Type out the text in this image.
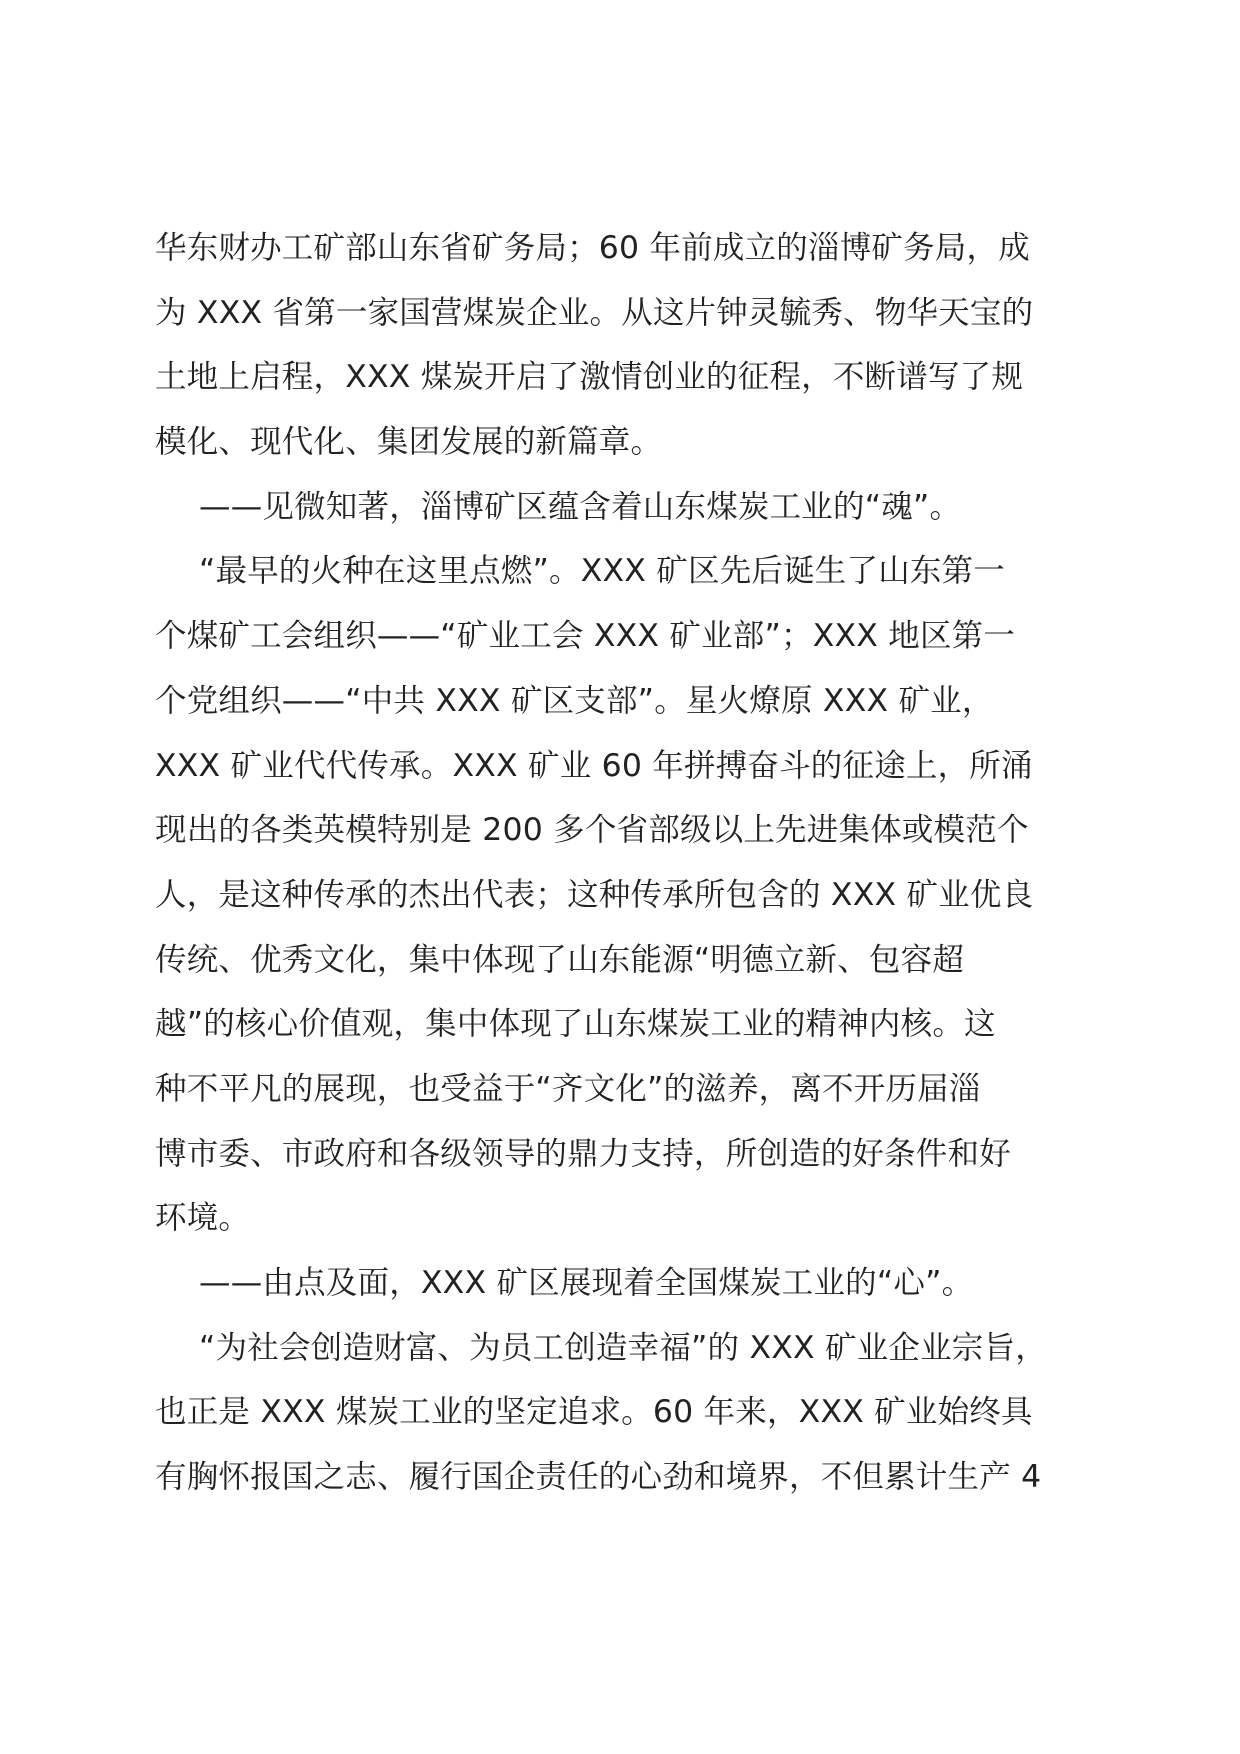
华东财办工矿部山东省矿务局；60 年前成立的淄博矿务局，成
为 XXX 省第一家国营煤炭企业。从这片钟灵毓秀、物华天宝的
土地上启程，XXX 煤炭开启了激情创业的征程，不断谱写了规
模化、现代化、集团发展的新篇章。
——见微知著，淄博矿区蕴含着山东煤炭工业的“魂”。
“最早的火种在这里点燃”。XXX 矿区先后诞生了山东第一
个煤矿工会组织——“矿业工会 XXX 矿业部”；XXX 地区第一
个党组织——“中共 XXX 矿区支部”。星火燎原 XXX 矿业，
XXX 矿业代代传承。XXX 矿业 60 年拼搏奋斗的征途上，所涌
现出的各类英模特别是 200 多个省部级以上先进集体或模范个
人，是这种传承的杰出代表；这种传承所包含的 XXX 矿业优良
传统、优秀文化，集中体现了山东能源“明德立新、包容超
越”的核心价值观，集中体现了山东煤炭工业的精神内核。这
种不平凡的展现，也受益于“齐文化”的滋养，离不开历届淄
博市委、市政府和各级领导的鼎力支持，所创造的好条件和好
环境。
——由点及面，XXX 矿区展现着全国煤炭工业的“心”。
“为社会创造财富、为员工创造幸福”的 XXX 矿业企业宗旨，
也正是 XXX 煤炭工业的坚定追求。60 年来，XXX 矿业始终具
有胸怀报国之志、履行国企责任的心劲和境界，不但累计生产 4
